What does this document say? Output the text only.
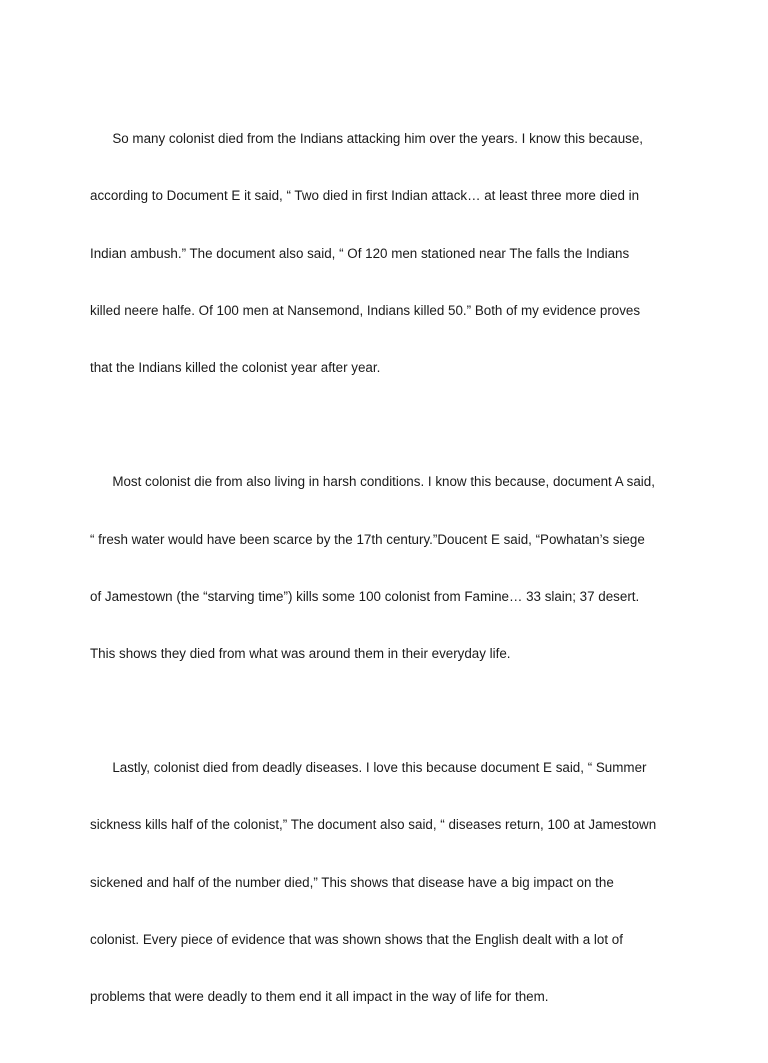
So many colonist died from the Indians attacking him over the years. I know this because,

according to Document E it said, “ Two died in first Indian attack… at least three more died in

Indian ambush.” The document also said, “ Of 120 men stationed near The falls the Indians

killed neere halfe. Of 100 men at Nansemond, Indians killed 50.” Both of my evidence proves

that the Indians killed the colonist year after year.

Most colonist die from also living in harsh conditions. I know this because, document A said,

“ fresh water would have been scarce by the 17th century.”Doucent E said, “Powhatan’s siege

of Jamestown (the “starving time”) kills some 100 colonist from Famine… 33 slain; 37 desert.

This shows they died from what was around them in their everyday life.

Lastly, colonist died from deadly diseases. I love this because document E said, “ Summer

sickness kills half of the colonist,” The document also said, “ diseases return, 100 at Jamestown

sickened and half of the number died,” This shows that disease have a big impact on the

colonist. Every piece of evidence that was shown shows that the English dealt with a lot of

problems that were deadly to them end it all impact in the way of life for them.
